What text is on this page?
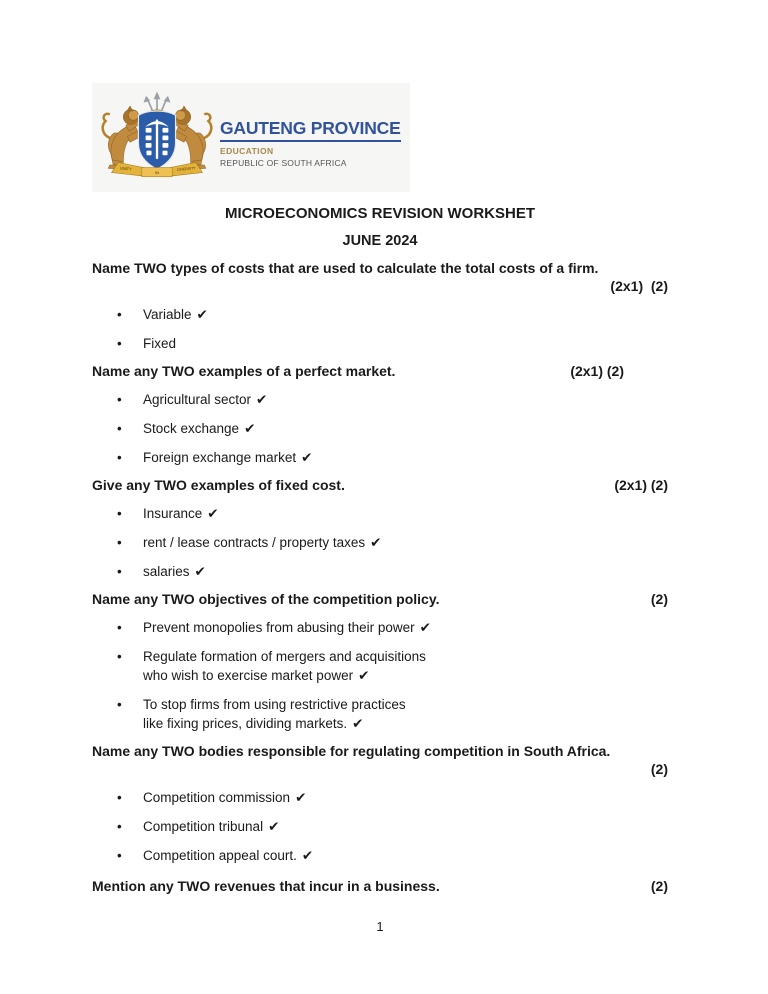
UNITY
IN
DIVERSITY
GAUTENG PROVINCE
EDUCATION
REPUBLIC OF SOUTH AFRICA
MICROECONOMICS REVISION WORKSHET
JUNE 2024
Name TWO types of costs that are used to calculate the total costs of a firm.
(2x1)  (2)
•	Variable ✔
•	Fixed
Name any TWO examples of a perfect market.	(2x1) (2)
•	Agricultural sector ✔
•	Stock exchange ✔
•	Foreign exchange market ✔
Give any TWO examples of fixed cost.	(2x1) (2)
•	Insurance ✔
•	rent / lease contracts / property taxes ✔
•	salaries ✔
Name any TWO objectives of the competition policy.	(2)
•	Prevent monopolies from abusing their power ✔
•	Regulate formation of mergers and acquisitions
who wish to exercise market power ✔
•	To stop firms from using restrictive practices
like fixing prices, dividing markets. ✔
Name any TWO bodies responsible for regulating competition in South Africa.
(2)
•	Competition commission ✔
•	Competition tribunal ✔
•	Competition appeal court. ✔
Mention any TWO revenues that incur in a business.	(2)
1
